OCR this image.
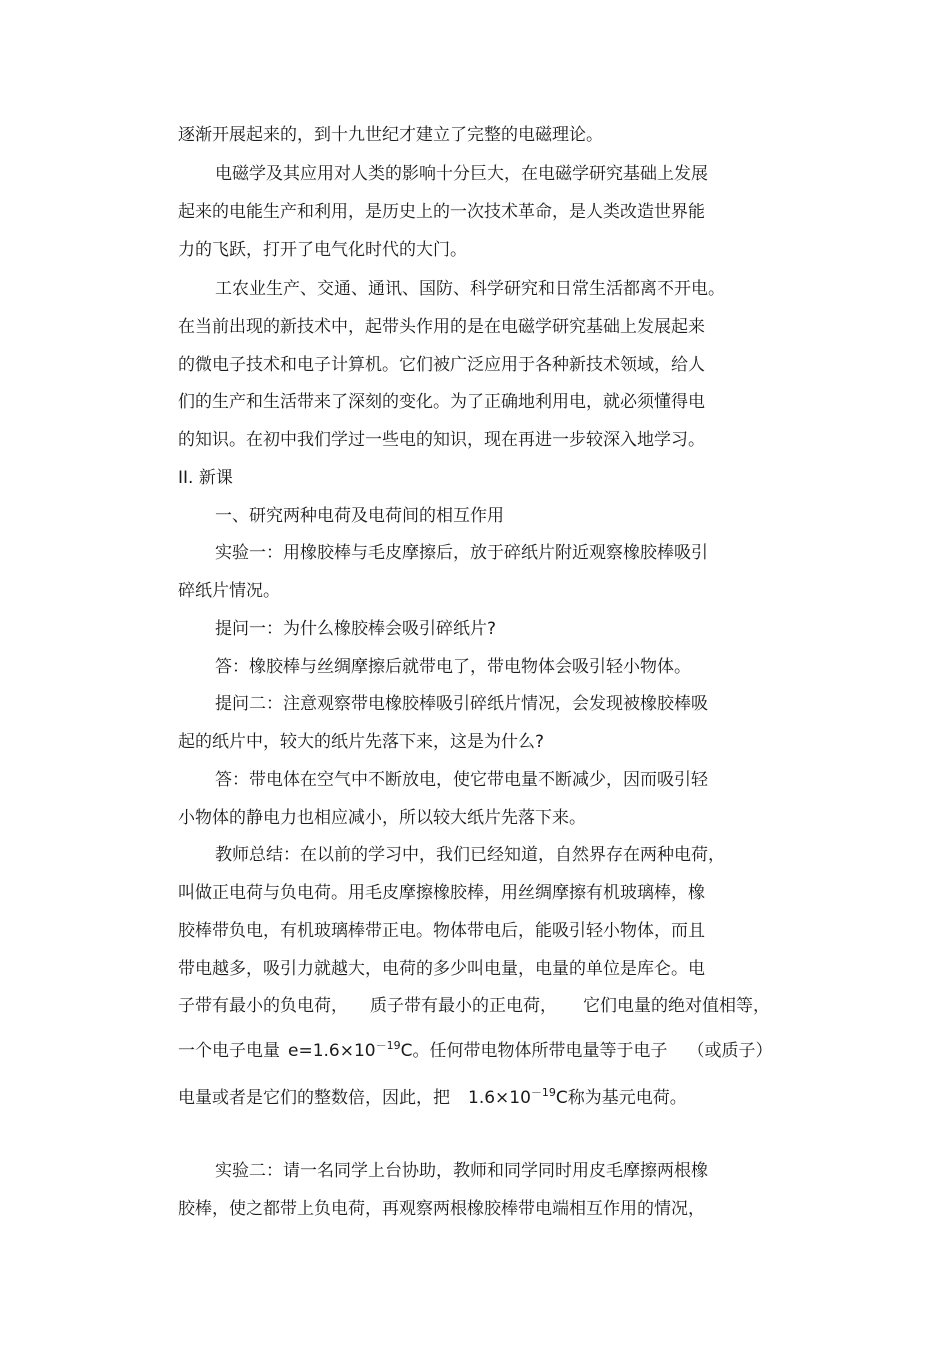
逐渐开展起来的，到十九世纪才建立了完整的电磁理论。
电磁学及其应用对人类的影响十分巨大，在电磁学研究基础上发展
起来的电能生产和利用，是历史上的一次技术革命，是人类改造世界能
力的飞跃，打开了电气化时代的大门。
工农业生产、交通、通讯、国防、科学研究和日常生活都离不开电。
在当前出现的新技术中，起带头作用的是在电磁学研究基础上发展起来
的微电子技术和电子计算机。它们被广泛应用于各种新技术领域，给人
们的生产和生活带来了深刻的变化。为了正确地利用电，就必须懂得电
的知识。在初中我们学过一些电的知识，现在再进一步较深入地学习。
II. 新课
一、研究两种电荷及电荷间的相互作用
实验一：用橡胶棒与毛皮摩擦后，放于碎纸片附近观察橡胶棒吸引
碎纸片情况。
提问一：为什么橡胶棒会吸引碎纸片?
答：橡胶棒与丝绸摩擦后就带电了，带电物体会吸引轻小物体。
提问二：注意观察带电橡胶棒吸引碎纸片情况，会发现被橡胶棒吸
起的纸片中，较大的纸片先落下来，这是为什么?
答：带电体在空气中不断放电，使它带电量不断减少，因而吸引轻
小物体的静电力也相应减小，所以较大纸片先落下来。
教师总结：在以前的学习中，我们已经知道，自然界存在两种电荷，
叫做正电荷与负电荷。用毛皮摩擦橡胶棒，用丝绸摩擦有机玻璃棒，橡
胶棒带负电，有机玻璃棒带正电。物体带电后，能吸引轻小物体，而且
带电越多，吸引力就越大，电荷的多少叫电量，电量的单位是库仑。电
子带有最小的负电荷， 质子带有最小的正电荷， 它们电量的绝对值相等，
一个电子电量 $e=1.6\times 10^{-19}C$。任何带电物体所带电量等于电子 （或质子）
电量或者是它们的整数倍，因此，把 $1.6\times 10^{-19}C$称为基元电荷。
实验二：请一名同学上台协助，教师和同学同时用皮毛摩擦两根橡
胶棒，使之都带上负电荷，再观察两根橡胶棒带电端相互作用的情况，
